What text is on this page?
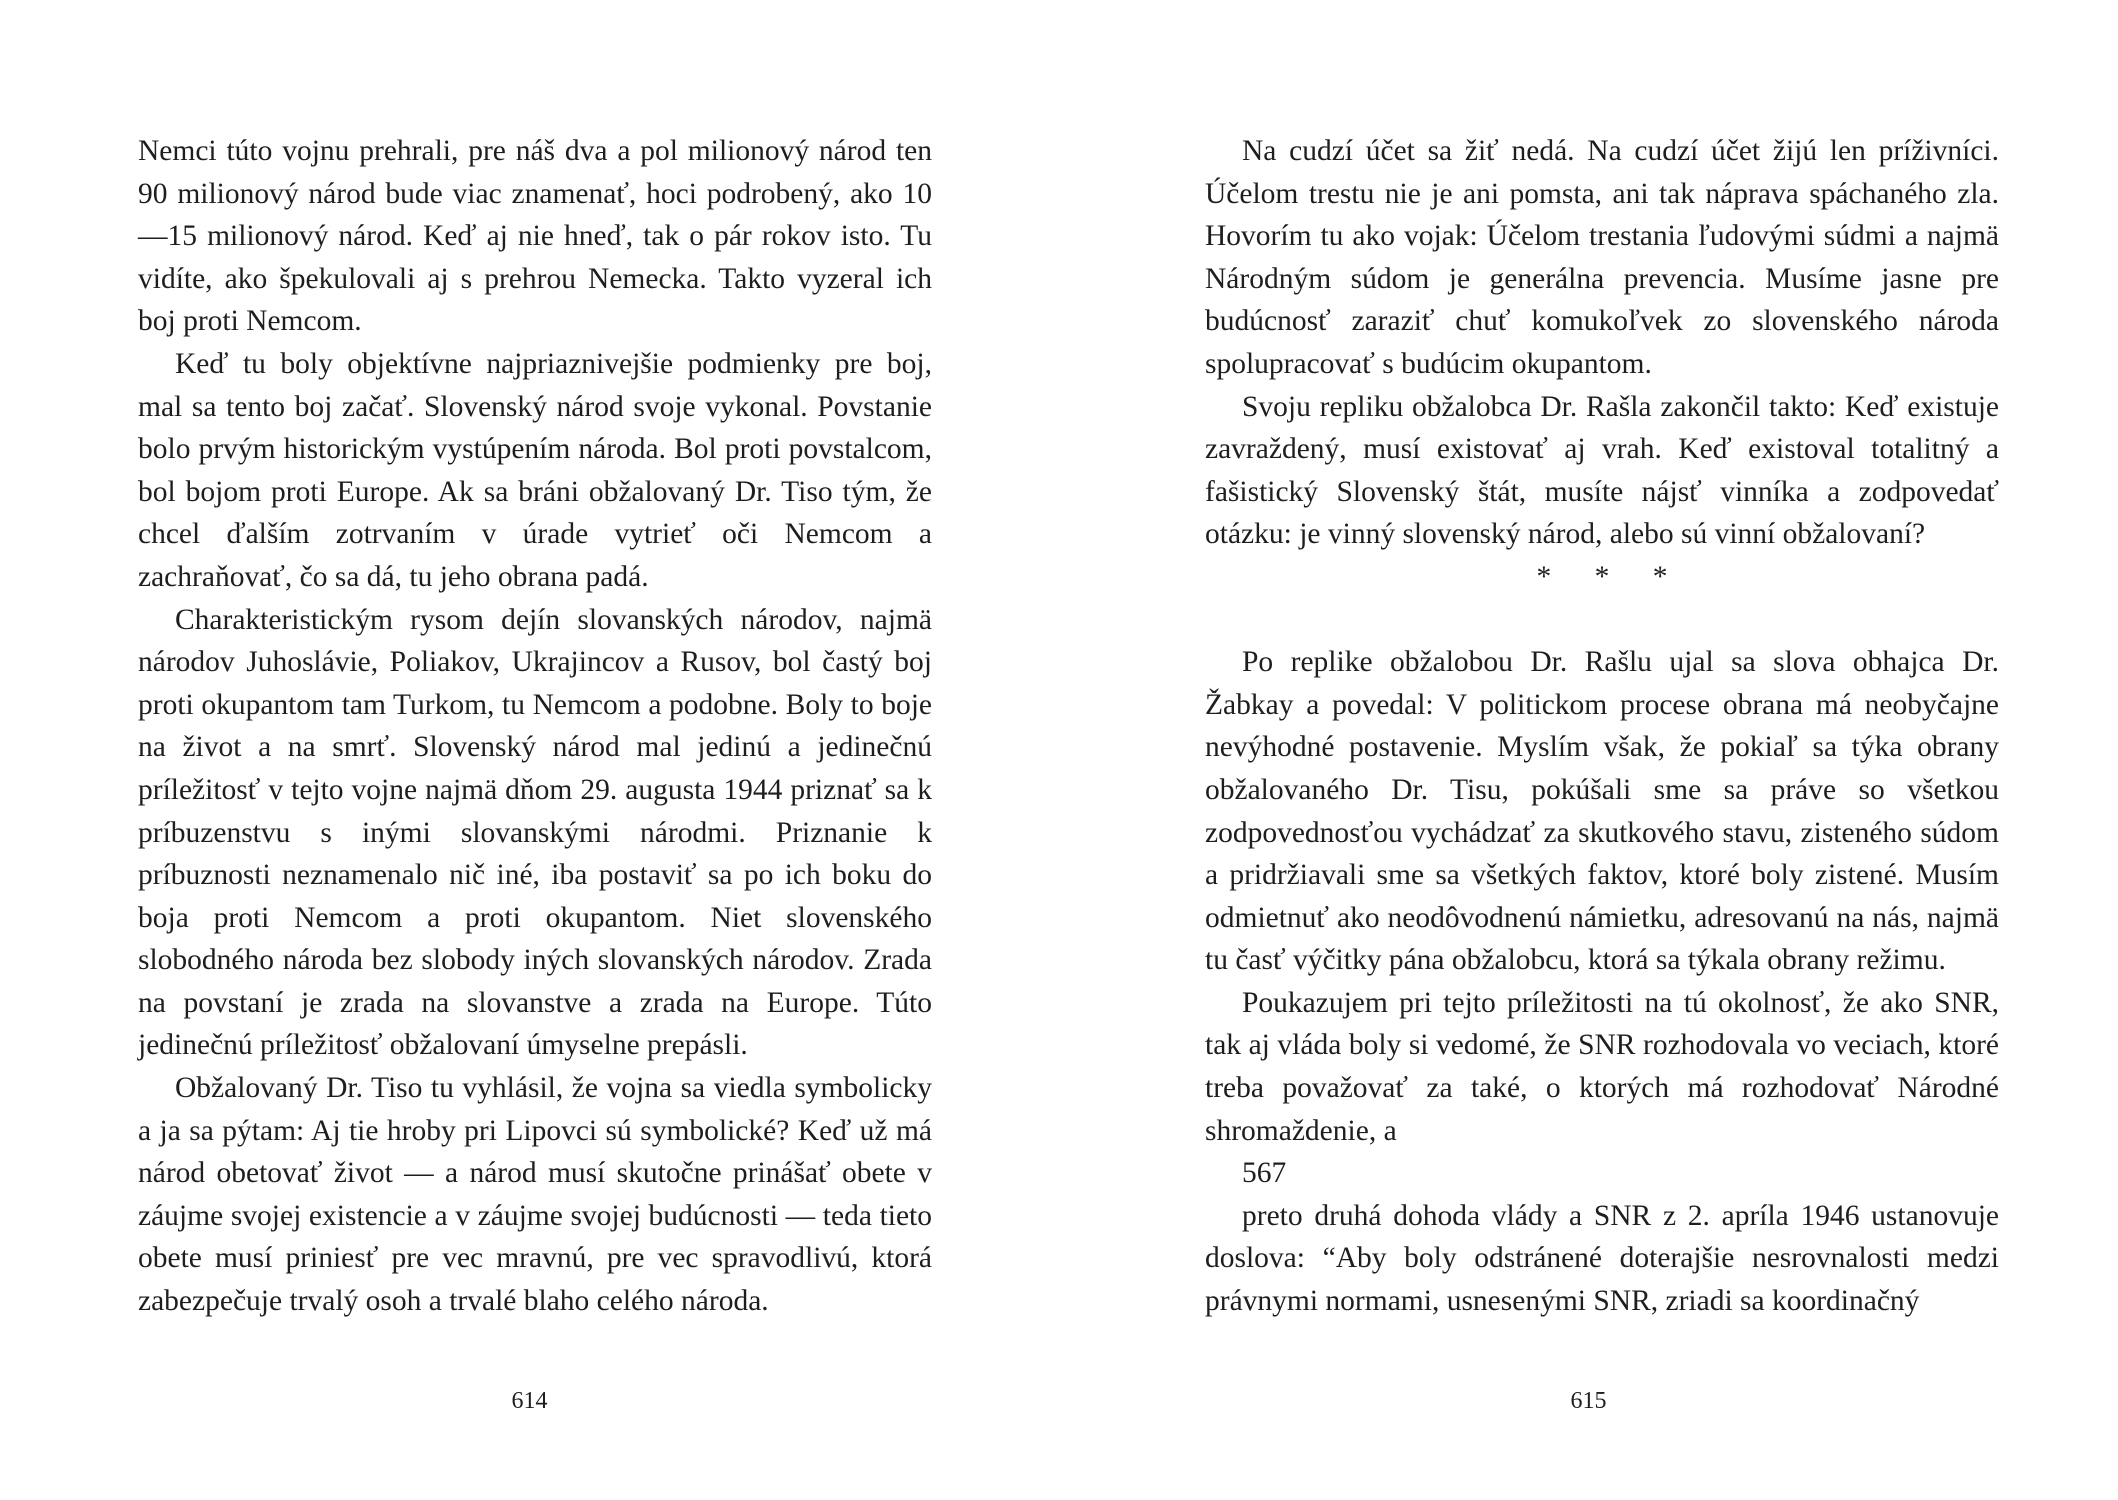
Nemci túto vojnu prehrali, pre náš dva a pol milionový národ ten 90 milionový národ bude viac znamenať, hoci podrobený, ako 10—15 milionový národ. Keď aj nie hneď, tak o pár rokov isto. Tu vidíte, ako špekulovali aj s prehrou Nemecka. Takto vyzeral ich boj proti Nemcom.

Keď tu boly objektívne najpriaznivejšie podmienky pre boj, mal sa tento boj začať. Slovenský národ svoje vykonal. Povstanie bolo prvým historickým vystúpením národa. Bol proti povstalcom, bol bojom proti Europe. Ak sa bráni obžalovaný Dr. Tiso tým, že chcel ďalším zotrvaním v úrade vytrieť oči Nemcom a zachraňovať, čo sa dá, tu jeho obrana padá.

Charakteristickým rysom dejín slovanských národov, najmä národov Juhoslávie, Poliakov, Ukrajincov a Rusov, bol častý boj proti okupantom tam Turkom, tu Nemcom a podobne. Boly to boje na život a na smrť. Slovenský národ mal jedinú a jedinečnú príležitosť v tejto vojne najmä dňom 29. augusta 1944 priznať sa k príbuzenstvu s inými slovanskými národmi. Priznanie k príbuznosti neznamenalo nič iné, iba postaviť sa po ich boku do boja proti Nemcom a proti okupantom. Niet slovenského slobodného národa bez slobody iných slovanských národov. Zrada na povstaní je zrada na slovanstve a zrada na Europe. Túto jedinečnú príležitosť obžalovaní úmyselne prepásli.

Obžalovaný Dr. Tiso tu vyhlásil, že vojna sa viedla symbolicky a ja sa pýtam: Aj tie hroby pri Lipovci sú symbolické? Keď už má národ obetovať život — a národ musí skutočne prinášať obete v záujme svojej existencie a v záujme svojej budúcnosti — teda tieto obete musí priniesť pre vec mravnú, pre vec spravodlivú, ktorá zabezpečuje trvalý osoh a trvalé blaho celého národa.

614

Na cudzí účet sa žiť nedá. Na cudzí účet žijú len príživníci. Účelom trestu nie je ani pomsta, ani tak náprava spáchaného zla. Hovorím tu ako vojak: Účelom trestania ľudovými súdmi a najmä Národným súdom je generálna prevencia. Musíme jasne pre budúcnosť zaraziť chuť komukoľvek zo slovenského národa spolupracovať s budúcim okupantom.

Svoju repliku obžalobca Dr. Rašla zakončil takto: Keď existuje zavraždený, musí existovať aj vrah. Keď existoval totalitný a fašistický Slovenský štát, musíte nájsť vinníka a zodpovedať otázku: je vinný slovenský národ, alebo sú vinní obžalovaní?

* * *

Po replike obžalobou Dr. Rašlu ujal sa slova obhajca Dr. Žabkay a povedal: V politickom procese obrana má neobyčajne nevýhodné postavenie. Myslím však, že pokiaľ sa týka obrany obžalovaného Dr. Tisu, pokúšali sme sa práve so všetkou zodpovednosťou vychádzať za skutkového stavu, zisteného súdom a pridržiavali sme sa všetkých faktov, ktoré boly zistené. Musím odmietnuť ako neodôvodnenú námietku, adresovanú na nás, najmä tu časť výčitky pána obžalobcu, ktorá sa týkala obrany režimu.

Poukazujem pri tejto príležitosti na tú okolnosť, že ako SNR, tak aj vláda boly si vedomé, že SNR rozhodovala vo veciach, ktoré treba považovať za také, o ktorých má rozhodovať Národné shromaždenie, a

567

preto druhá dohoda vlády a SNR z 2. apríla 1946 ustanovuje doslova: “Aby boly odstránené doterajšie nesrovnalosti medzi právnymi normami, usnesenými SNR, zriadi sa koordinačný

615
